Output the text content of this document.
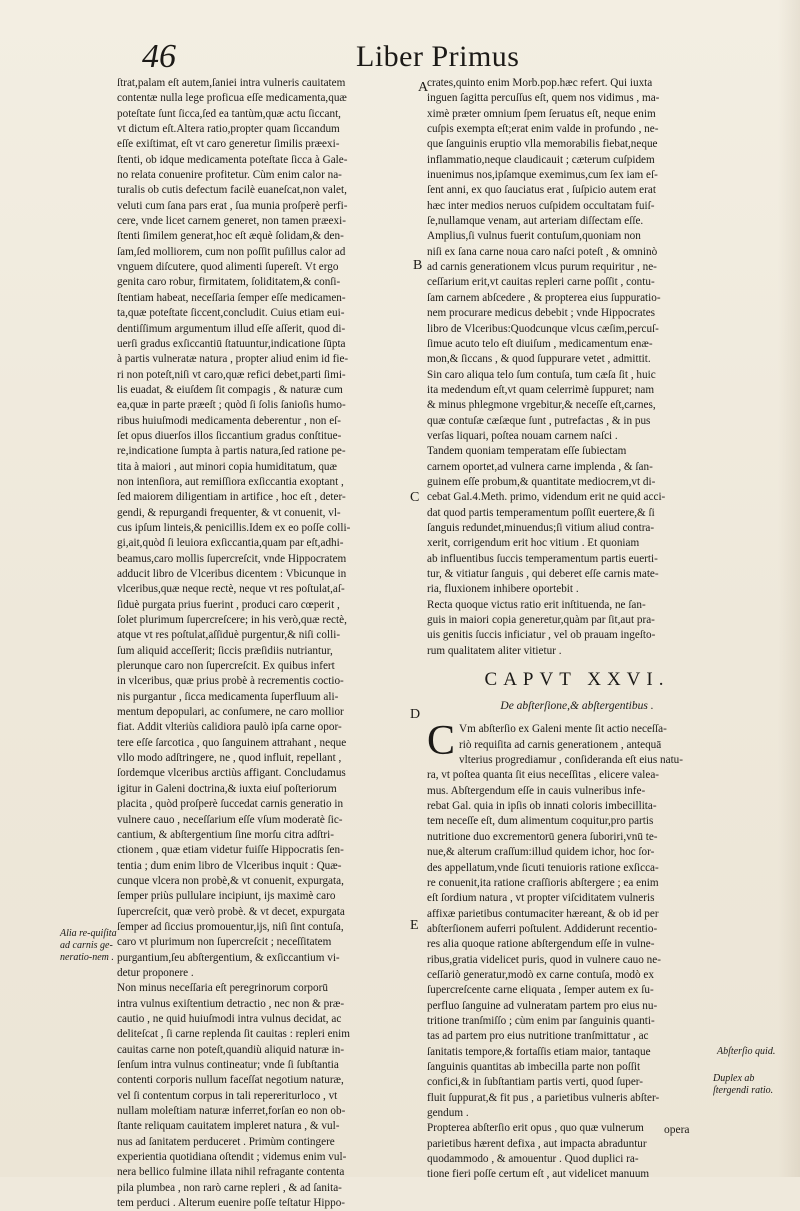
46	Liber Primus
A
B
C
D
E
ſtrat,palam eſt autem,ſaniei intra vulneris cauitatem
contentæ nulla lege proficua eſſe medicamenta,quæ
poteſtate ſunt ſicca,ſed ea tantùm,quæ actu ſiccant,
vt dictum eſt.Altera ratio,propter quam ſiccandum
eſſe exiſtimat, eſt vt caro generetur ſimilis præexi-
ſtenti, ob idque medicamenta poteſtate ſicca à Gale-
no relata conuenire profitetur. Cùm enim calor na-
turalis ob cutis defectum facilè euaneſcat,non valet,
veluti cum ſana pars erat , ſua munia proſperè perfi-
cere, vnde licet carnem generet, non tamen præexi-
ſtenti ſimilem generat,hoc eſt æquè ſolidam,& den-
ſam,ſed molliorem, cum non poſſit puſillus calor ad
vnguem diſcutere, quod alimenti ſupereſt. Vt ergo
genita caro robur, firmitatem, ſoliditatem,& conſi-
ſtentiam habeat, neceſſaria ſemper eſſe medicamen-
ta,quæ poteſtate ſiccent,concludit. Cuius etiam eui-
dentiſſimum argumentum illud eſſe aſſerit, quod di-
uerſi gradus exſiccantiū ſtatuuntur,indicatione ſūpta
à partis vulneratæ natura , propter aliud enim id fie-
ri non poteſt,niſi vt caro,quæ refici debet,parti ſimi-
lis euadat, & eiuſdem ſit compagis , & naturæ cum
ea,quæ in parte præeſt ; quòd ſi ſolis ſanioſis humo-
ribus huiuſmodi medicamenta deberentur , non eſ-
ſet opus diuerſos illos ſiccantium gradus conſtitue-
re,indicatione ſumpta à partis natura,ſed ratione pe-
tita à maiori , aut minori copia humiditatum, quæ
non intenſiora, aut remiſſiora exſiccantia exoptant ,
ſed maiorem diligentiam in artifice , hoc eſt , deter-
gendi, & repurgandi frequenter, & vt conuenit, vl-
cus ipſum linteis,& penicillis.Idem ex eo poſſe colli-
gi,ait,quòd ſi leuiora exſiccantia,quam par eſt,adhi-
beamus,caro mollis ſupercreſcit, vnde Hippocratem
adducit libro de Vlceribus dicentem : Vbicunque in
vlceribus,quæ neque rectè, neque vt res poſtulat,aſ-
ſiduè purgata prius fuerint , produci caro cœperit ,
ſolet plurimum ſupercreſcere; in his verò,quæ rectè,
atque vt res poſtulat,aſſiduè purgentur,& niſi colli-
ſum aliquid acceſſerit; ſiccis præſidiis nutriantur,
plerunque caro non ſupercreſcit. Ex quibus infert
in vlceribus, quæ prius probè à recrementis coctio-
nis purgantur , ſicca medicamenta ſuperfluum ali-
mentum depopulari, ac conſumere, ne caro mollior
fiat. Addit vlteriùs calidiora paulò ipſa carne opor-
tere eſſe ſarcotica , quo ſanguinem attrahant , neque
vllo modo adſtringere, ne , quod influit, repellant ,
ſordemque vlceribus arctiùs affigant. Concludamus
igitur in Galeni doctrina,& iuxta eiuſ poſteriorum
placita , quòd proſperè ſuccedat carnis generatio in
vulnere cauo , neceſſarium eſſe vſum moderatè ſic-
cantium, & abſtergentium ſine morſu citra adſtri-
ctionem , quæ etiam videtur fuiſſe Hippocratis ſen-
tentia ; dum enim libro de Vlceribus inquit : Quæ-
cunque vlcera non probè,& vt conuenit, expurgata,
ſemper priùs pullulare incipiunt, ijs maximè caro
ſupercreſcit, quæ verò probè. & vt decet, expurgata
ſemper ad ſiccius promouentur,ijs, niſi ſint contuſa,
caro vt plurimum non ſupercreſcit ; neceſſitatem
purgantium,ſeu abſtergentium, & exſiccantium vi-
detur proponere .
Non minus neceſſaria eſt peregrinorum corporū
intra vulnus exiſtentium detractio , nec non & præ-
cautio , ne quid huiuſmodi intra vulnus decidat, ac
deliteſcat , ſi carne replenda ſit cauitas : repleri enim
cauitas carne non poteſt,quandiù aliquid naturæ in-
ſenſum intra vulnus contineatur; vnde ſi ſubſtantia
contenti corporis nullum faceſſat negotium naturæ,
vel ſi contentum corpus in tali repereriturloco , vt
nullam moleſtiam naturæ inferret,forſan eo non ob-
ſtante reliquam cauitatem impleret natura , & vul-
nus ad ſanitatem perduceret . Primùm contingere
experientia quotidiana oſtendit ; videmus enim vul-
nera bellico fulmine illata nihil refragante contenta
pila plumbea , non rarò carne repleri , & ad ſanita-
tem perduci . Alterum euenire poſſe teſtatur Hippo-
crates,quinto enim Morb.pop.hæc refert. Qui iuxta
inguen ſagitta percuſſus eſt, quem nos vidimus , ma-
ximè præter omnium ſpem ſeruatus eſt, neque enim
cuſpis exempta eſt;erat enim valde in profundo , ne-
que ſanguinis eruptio vlla memorabilis fiebat,neque
inflammatio,neque claudicauit ; cæterum cuſpidem
inuenimus nos,ipſamque exemimus,cum ſex iam eſ-
ſent anni, ex quo ſauciatus erat , ſuſpicio autem erat
hæc inter medios neruos cuſpidem occultatam fuiſ-
ſe,nullamque venam, aut arteriam diſſectam eſſe.
Amplius,ſi vulnus fuerit contuſum,quoniam non
niſi ex ſana carne noua caro naſci poteſt , & omninò
ad carnis generationem vlcus purum requiritur , ne-
ceſſarium erit,vt cauitas repleri carne poſſit , contu-
ſam carnem abſcedere , & propterea eius ſuppuratio-
nem procurare medicus debebit ; vnde Hippocrates
libro de Vlceribus:Quodcunque vlcus cæſim,percuſ-
ſimue acuto telo eſt diuiſum , medicamentum enæ-
mon,& ſiccans , & quod ſuppurare vetet , admittit.
Sin caro aliqua telo ſum contuſa, tum cæſa ſit , huic
ita medendum eſt,vt quam celerrimè ſuppuret; nam
& minus phlegmone vrgebitur,& neceſſe eſt,carnes,
quæ contuſæ cæſæque ſunt , putrefactas , & in pus
verſas liquari, poſtea nouam carnem naſci .
Tandem quoniam temperatam eſſe ſubiectam
carnem oportet,ad vulnera carne implenda , & ſan-
guinem eſſe probum,& quantitate mediocrem,vt di-
cebat Gal.4.Meth. primo, videndum erit ne quid acci-
dat quod partis temperamentum poſſit euertere,& ſi
ſanguis redundet,minuendus;ſi vitium aliud contra-
xerit, corrigendum erit hoc vitium . Et quoniam
ab influentibus ſuccis temperamentum partis euerti-
tur, & vitiatur ſanguis , qui deberet eſſe carnis mate-
ria, fluxionem inhibere oportebit .
Recta quoque victus ratio erit inſtituenda, ne ſan-
guis in maiori copia generetur,quàm par ſit,aut pra-
uis genitis ſuccis inficiatur , vel ob prauam ingeſto-
rum qualitatem aliter vitietur .
CAPVT XXVI.
De abſterſione,& abſtergentibus .
C Vm abſterſio ex Galeni mente ſit actio neceſſa-
riò requiſita ad carnis generationem , antequā
vlterius progrediamur , conſideranda eſt eius natu-
ra, vt poſtea quanta ſit eius neceſſitas , elicere valea-
mus. Abſtergendum eſſe in cauis vulneribus infe-
rebat Gal. quia in ipſis ob innati coloris imbecillita-
tem neceſſe eſt, dum alimentum coquitur,pro partis
nutritione duo excrementorū genera ſuboriri,vnū te-
nue,& alterum craſſum:illud quidem ichor, hoc ſor-
des appellatum,vnde ſicuti tenuioris ratione exſicca-
re conuenit,ita ratione craſſioris abſtergere ; ea enim
eſt ſordium natura , vt propter viſciditatem vulneris
affixæ parietibus contumaciter hæreant, & ob id per
abſterſionem auferri poſtulent. Addiderunt recentio-
res alia quoque ratione abſtergendum eſſe in vulne-
ribus,gratia videlicet puris, quod in vulnere cauo ne-
ceſſariò generatur,modò ex carne contuſa, modò ex
ſupercreſcente carne eliquata , ſemper autem ex ſu-
perfluo ſanguine ad vulneratam partem pro eius nu-
tritione tranſmiſſo ; cùm enim par ſanguinis quanti-
tas ad partem pro eius nutritione tranſmittatur , ac
ſanitatis tempore,& fortaſſis etiam maior, tantaque
ſanguinis quantitas ab imbecilla parte non poſſit
confici,& in ſubſtantiam partis verti, quod ſuper-
fluit ſuppurat,& fit pus , a parietibus vulneris abſter-
gendum .
Propterea abſterſio erit opus , quo quæ vulnerum
parietibus hærent defixa , aut impacta abraduntur
quodammodo , & amouentur . Quod duplici ra-
tione fieri poſſe certum eſt , aut videlicet manuum
Alia re-quiſita ad carnis ge-neratio-nem .
Abſterſio quid.
Duplex ab ſtergendi ratio.
opera
